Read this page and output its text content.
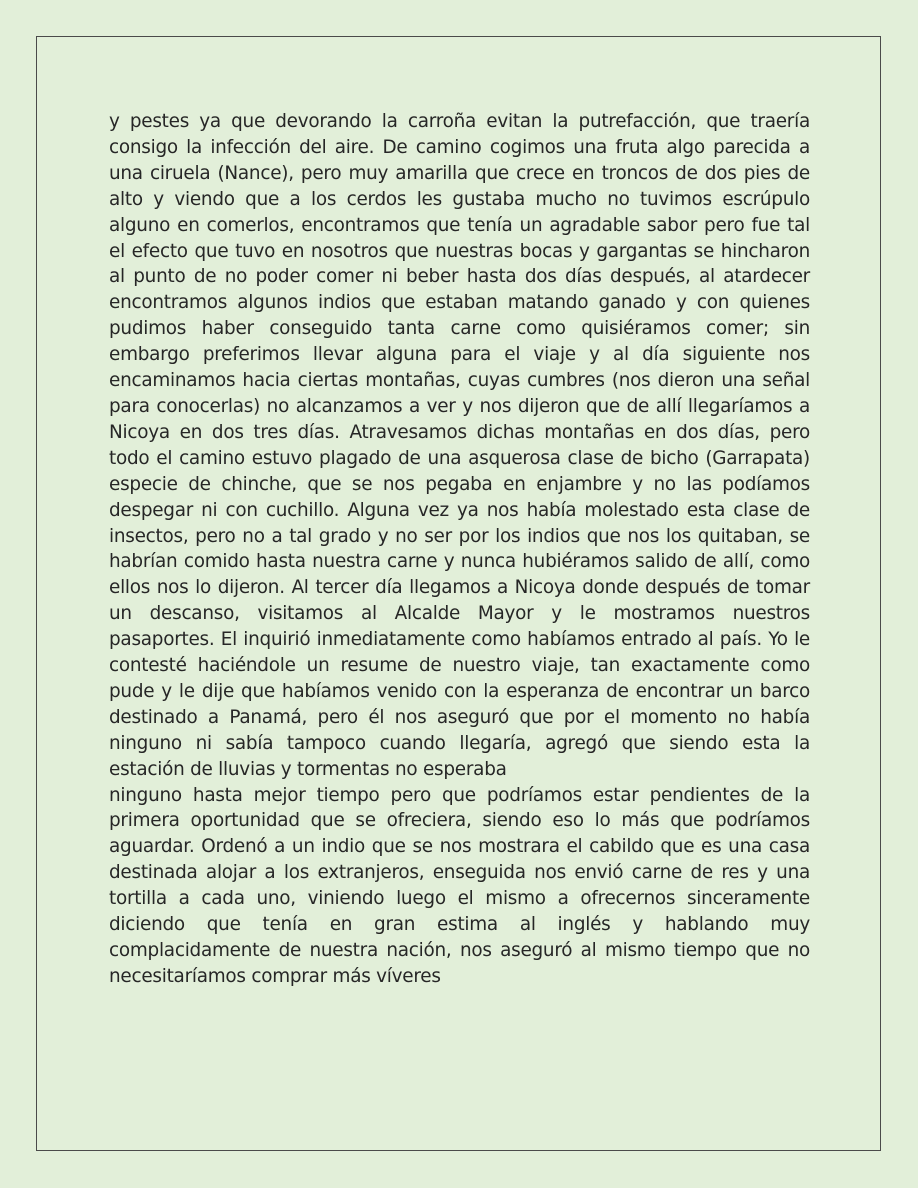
y pestes ya que devorando la carroña evitan la putrefacción, que traería consigo la infección del aire. De camino cogimos una fruta algo parecida a una ciruela (Nance), pero muy amarilla que crece en troncos de dos pies de alto y viendo que a los cerdos les gustaba mucho no tuvimos escrúpulo alguno en comerlos, encontramos que tenía un agradable sabor pero fue tal el efecto que tuvo en nosotros que nuestras bocas y gargantas se hincharon al punto de no poder comer ni beber hasta dos días después, al atardecer encontramos algunos indios que estaban matando ganado y con quienes pudimos haber conseguido tanta carne como quisiéramos comer; sin embargo preferimos llevar alguna para el viaje y al día siguiente nos encaminamos hacia ciertas montañas, cuyas cumbres (nos dieron una señal para conocerlas) no alcanzamos a ver y nos dijeron que de allí llegaríamos a Nicoya en dos tres días. Atravesamos dichas montañas en dos días, pero todo el camino estuvo plagado de una asquerosa clase de bicho (Garrapata) especie de chinche, que se nos pegaba en enjambre y no las podíamos despegar ni con cuchillo. Alguna vez ya nos había molestado esta clase de insectos, pero no a tal grado y no ser por los indios que nos los quitaban, se habrían comido hasta nuestra carne y nunca hubiéramos salido de allí, como ellos nos lo dijeron. Al tercer día llegamos a Nicoya donde después de tomar un descanso, visitamos al Alcalde Mayor y le mostramos nuestros pasaportes. El inquirió inmediatamente como habíamos entrado al país. Yo le contesté haciéndole un resume de nuestro viaje, tan exactamente como pude y le dije que habíamos venido con la esperanza de encontrar un barco destinado a Panamá, pero él nos aseguró que por el momento no había ninguno ni sabía tampoco cuando llegaría, agregó que siendo esta la estación de lluvias y tormentas no esperaba

ninguno hasta mejor tiempo pero que podríamos estar pendientes de la primera oportunidad que se ofreciera, siendo eso lo más que podríamos aguardar. Ordenó a un indio que se nos mostrara el cabildo que es una casa destinada alojar a los extranjeros, enseguida nos envió carne de res y una tortilla a cada uno, viniendo luego el mismo a ofrecernos sinceramente diciendo que tenía en gran estima al inglés y hablando muy complacidamente de nuestra nación, nos aseguró al mismo tiempo que no necesitaríamos comprar más víveres
